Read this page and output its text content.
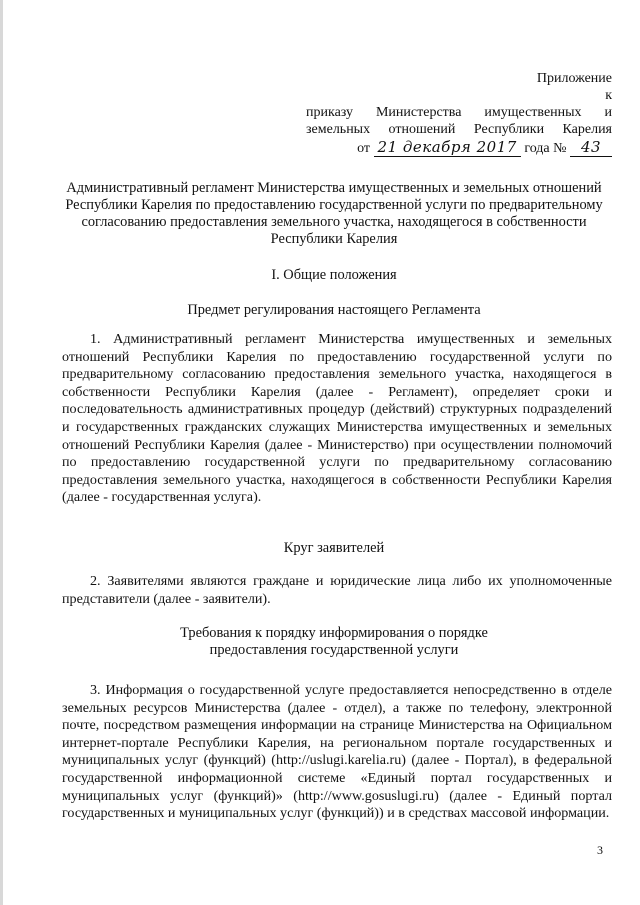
Приложение
к
приказу Министерства имущественных и
земельных отношений Республики Карелия
от 21 декабря 2017 года № 43
Административный регламент Министерства имущественных и земельных отношений Республики Карелия по предоставлению государственной услуги по предварительному согласованию предоставления земельного участка, находящегося в собственности Республики Карелия
I. Общие положения
Предмет регулирования настоящего Регламента
1. Административный регламент Министерства имущественных и земельных отношений Республики Карелия по предоставлению государственной услуги по предварительному согласованию предоставления земельного участка, находящегося в собственности Республики Карелия (далее - Регламент), определяет сроки и последовательность административных процедур (действий) структурных подразделений и государственных гражданских служащих Министерства имущественных и земельных отношений Республики Карелия (далее - Министерство) при осуществлении полномочий по предоставлению государственной услуги по предварительному согласованию предоставления земельного участка, находящегося в собственности Республики Карелия (далее - государственная услуга).
Круг заявителей
2. Заявителями являются граждане и юридические лица либо их уполномоченные представители (далее - заявители).
Требования к порядку информирования о порядке
предоставления государственной услуги
3. Информация о государственной услуге предоставляется непосредственно в отделе земельных ресурсов Министерства (далее - отдел), а также по телефону, электронной почте, посредством размещения информации на странице Министерства на Официальном интернет-портале Республики Карелия, на региональном портале государственных и муниципальных услуг (функций) (http://uslugi.karelia.ru) (далее - Портал), в федеральной государственной информационной системе «Единый портал государственных и муниципальных услуг (функций)» (http://www.gosuslugi.ru) (далее - Единый портал государственных и муниципальных услуг (функций)) и в средствах массовой информации.
3
